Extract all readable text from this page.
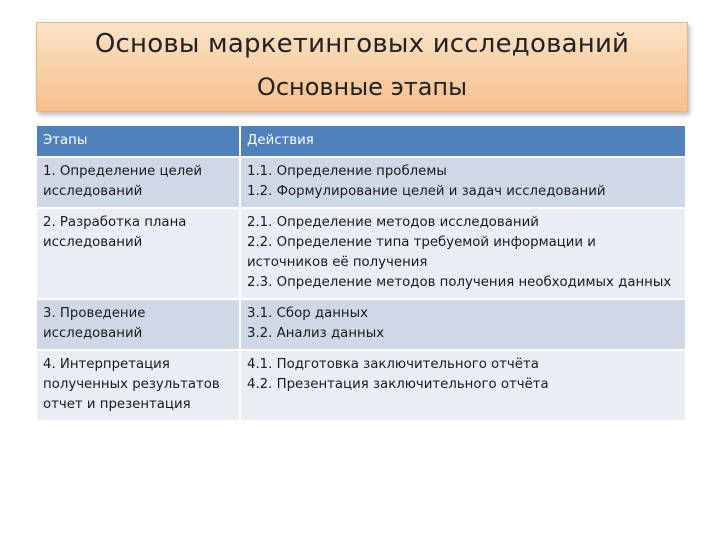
Основы маркетинговых исследований
Основные этапы
Этапы	Действия

1. Определение целей
исследований	1.1. Определение проблемы
1.2. Формулирование целей и задач исследований

2. Разработка плана
исследований	2.1. Определение методов исследований
2.2. Определение типа требуемой информации и источников её получения
2.3. Определение методов получения необходимых данных

3. Проведение
исследований	3.1. Сбор данных
3.2. Анализ данных

4. Интерпретация
полученных результатов
отчет и презентация	4.1. Подготовка заключительного отчёта
4.2. Презентация заключительного отчёта
